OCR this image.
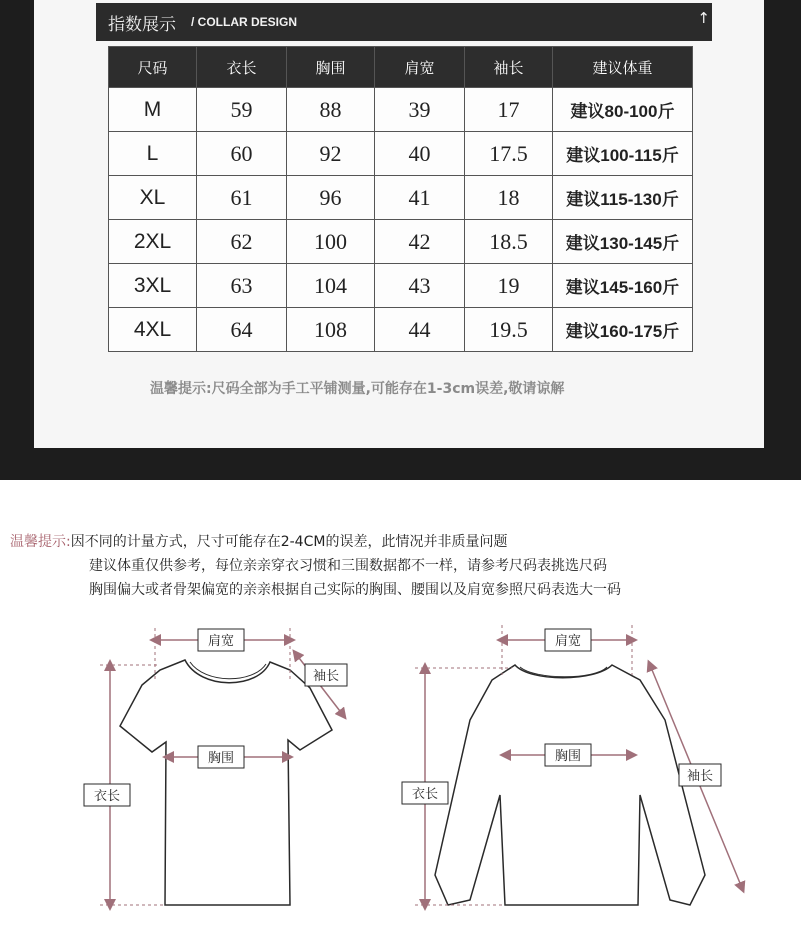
指数展示 / COLLAR DESIGN	↑
尺码	衣长	胸围	肩宽	袖长	建议体重
M	59	88	39	17	建议80-100斤
L	60	92	40	17.5	建议100-115斤
XL	61	96	41	18	建议115-130斤
2XL	62	100	42	18.5	建议130-145斤
3XL	63	104	43	19	建议145-160斤
4XL	64	108	44	19.5	建议160-175斤
温馨提示:尺码全部为手工平铺测量,可能存在1-3cm误差,敬请谅解
温馨提示:因不同的计量方式，尺寸可能存在2-4CM的误差，此情况并非质量问题
建议体重仅供参考，每位亲亲穿衣习惯和三围数据都不一样，请参考尺码表挑选尺码
胸围偏大或者骨架偏宽的亲亲根据自己实际的胸围、腰围以及肩宽参照尺码表选大一码
肩宽
袖长
胸围
衣长
肩宽
胸围
衣长
袖长
